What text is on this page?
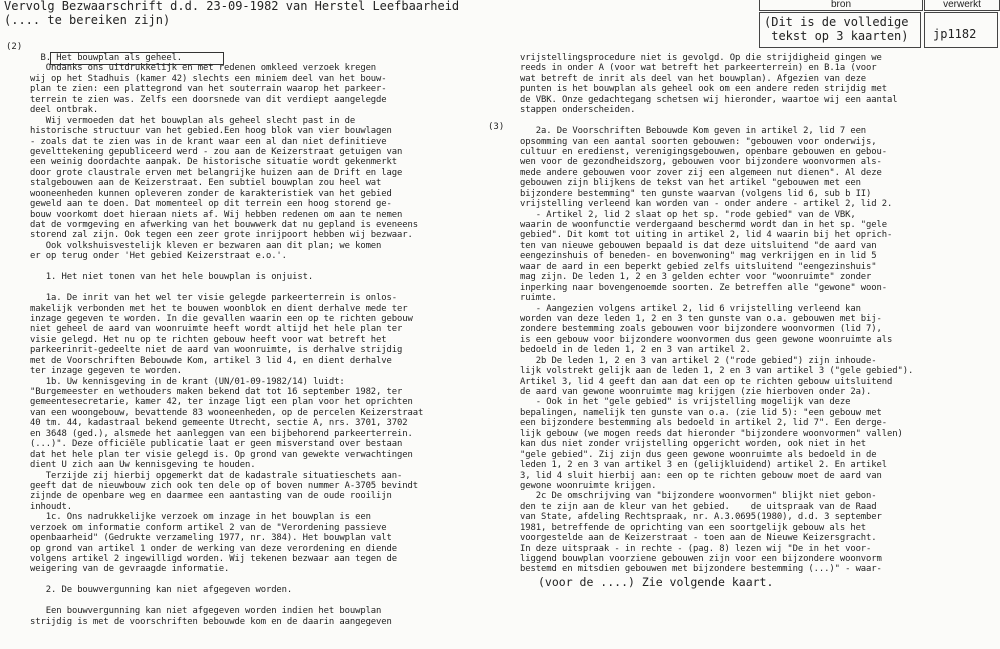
Vervolg Bezwaarschrift d.d. 23-09-1982 van Herstel Leefbaarheid
(.... te bereiken zijn)
bron	verwerkt
(Dit is de volledige
tekst op 3 kaarten)	jp1182
(2)
(3)
B. Het bouwplan als geheel.
Ondanks ons uitdrukkelijk en met redenen omkleed verzoek kregen
wij op het Stadhuis (kamer 42) slechts een miniem deel van het bouw-
plan te zien: een plattegrond van het souterrain waarop het parkeer-
terrein te zien was. Zelfs een doorsnede van dit verdiept aangelegde
deel ontbrak.
Wij vermoeden dat het bouwplan als geheel slecht past in de
historische structuur van het gebied.Een hoog blok van vier bouwlagen
- zoals dat te zien was in de krant waar een al dan niet definitieve
gevelttekening gepubliceerd werd - zou aan de Keizerstraat getuigen van
een weinig doordachte aanpak. De historische situatie wordt gekenmerkt
door grote claustrale erven met belangrijke huizen aan de Drift en lage
stalgebouwen aan de Keizerstraat. Een subtiel bouwplan zou heel wat
wooneenheden kunnen opleveren zonder de karakteristiek van het gebied
geweld aan te doen. Dat momenteel op dit terrein een hoog storend ge-
bouw voorkomt doet hieraan niets af. Wij hebben redenen om aan te nemen
dat de vormgeving en afwerking van het bouwwerk dat nu gepland is eveneens
storend zal zijn. Ook tegen een zeer grote inrijpoort hebben wij bezwaar.
Ook volkshuisvestelijk kleven er bezwaren aan dit plan; we komen
er op terug onder 'Het gebied Keizerstraat e.o.'.

1. Het niet tonen van het hele bouwplan is onjuist.

1a. De inrit van het wel ter visie gelegde parkeerterrein is onlos-
makelijk verbonden met het te bouwen woonblok en dient derhalve mede ter
inzage gegeven te worden. In die gevallen waarin een op te richten gebouw
niet geheel de aard van woonruimte heeft wordt altijd het hele plan ter
visie gelegd. Het nu op te richten gebouw heeft voor wat betreft het
parkeerinrit-gedeelte niet de aard van woonruimte, is derhalve strijdig
met de Voorschriften Bebouwde Kom, artikel 3 lid 4, en dient derhalve
ter inzage gegeven te worden.
1b. Uw kennisgeving in de krant (UN/01-09-1982/14) luidt:
"Burgemeester en wethouders maken bekend dat tot 16 september 1982, ter
gemeentesecretarie, kamer 42, ter inzage ligt een plan voor het oprichten
van een woongebouw, bevattende 83 wooneenheden, op de percelen Keizerstraat
40 tm. 44, kadastraal bekend gemeente Utrecht, sectie A, nrs. 3701, 3702
en 3648 (ged.), alsmede het aanleggen van een bijbehorend parkeerterrein.
(...)". Deze officiële publicatie laat er geen misverstand over bestaan
dat het hele plan ter visie gelegd is. Op grond van gewekte verwachtingen
dient U zich aan Uw kennisgeving te houden.
Terzijde zij hierbij opgemerkt dat de kadastrale situatieschets aan-
geeft dat de nieuwbouw zich ook ten dele op of boven nummer A-3705 bevindt
zijnde de openbare weg en daarmee een aantasting van de oude rooilijn
inhoudt.
1c. Ons nadrukkelijke verzoek om inzage in het bouwplan is een
verzoek om informatie conform artikel 2 van de "Verordening passieve
openbaarheid" (Gedrukte verzameling 1977, nr. 384). Het bouwplan valt
op grond van artikel 1 onder de werking van deze verordening en diende
volgens artikel 2 ingewilligd worden. Wij tekenen bezwaar aan tegen de
weigering van de gevraagde informatie.

2. De bouwvergunning kan niet afgegeven worden.

Een bouwvergunning kan niet afgegeven worden indien het bouwplan
strijdig is met de voorschriften bebouwde kom en de daarin aangegeven
vrijstellingsprocedure niet is gevolgd. Op die strijdigheid gingen we
reeds in onder A (voor wat betreft het parkeerterrein) en B.1a (voor
wat betreft de inrit als deel van het bouwplan). Afgezien van deze
punten is het bouwplan als geheel ook om een andere reden strijdig met
de VBK. Onze gedachtegang schetsen wij hieronder, waartoe wij een aantal
stappen onderscheiden.

2a. De Voorschriften Bebouwde Kom geven in artikel 2, lid 7 een
opsomming van een aantal soorten gebouwen: "gebouwen voor onderwijs,
cultuur en eredienst, verenigingsgebouwen, openbare gebouwen en gebou-
wen voor de gezondheidszorg, gebouwen voor bijzondere woonvormen als-
mede andere gebouwen voor zover zij een algemeen nut dienen". Al deze
gebouwen zijn blijkens de tekst van het artikel "gebouwen met een
bijzondere bestemming" ten gunste waarvan (volgens lid 6, sub b II)
vrijstelling verleend kan worden van - onder andere - artikel 2, lid 2.
- Artikel 2, lid 2 slaat op het sp. "rode gebied" van de VBK,
waarin de woonfunctie verdergaand beschermd wordt dan in het sp. "gele
gebied". Dit komt tot uiting in artikel 2, lid 4 waarin bij het oprich-
ten van nieuwe gebouwen bepaald is dat deze uitsluitend "de aard van
eengezinshuis of beneden- en bovenwoning" mag verkrijgen en in lid 5
waar de aard in een beperkt gebied zelfs uitsluitend "eengezinshuis"
mag zijn. De leden 1, 2 en 3 gelden echter voor "woonruimte" zonder
inperking naar bovengenoemde soorten. Ze betreffen alle "gewone" woon-
ruimte.
- Aangezien volgens artikel 2, lid 6 vrijstelling verleend kan
worden van deze leden 1, 2 en 3 ten gunste van o.a. gebouwen met bij-
zondere bestemming zoals gebouwen voor bijzondere woonvormen (lid 7),
is een gebouw voor bijzondere woonvormen dus geen gewone woonruimte als
bedoeld in de leden 1, 2 en 3 van artikel 2.
2b De leden 1, 2 en 3 van artikel 2 ("rode gebied") zijn inhoude-
lijk volstrekt gelijk aan de leden 1, 2 en 3 van artikel 3 ("gele gebied").
Artikel 3, lid 4 geeft dan aan dat een op te richten gebouw uitsluitend
de aard van gewone woonruimte mag krijgen (zie hierboven onder 2a).
- Ook in het "gele gebied" is vrijstelling mogelijk van deze
bepalingen, namelijk ten gunste van o.a. (zie lid 5): "een gebouw met
een bijzondere bestemming als bedoeld in artikel 2, lid 7". Een derge-
lijk gebouw (we mogen reeds dat hieronder "bijzondere woonvormen" vallen)
kan dus niet zonder vrijstelling opgericht worden, ook niet in het
"gele gebied". Zij zijn dus geen gewone woonruimte als bedoeld in de
leden 1, 2 en 3 van artikel 3 en (gelijkluidend) artikel 2. En artikel
3, lid 4 sluit hierbij aan: een op te richten gebouw moet de aard van
gewone woonruimte krijgen.
2c De omschrijving van "bijzondere woonvormen" blijkt niet gebon-
den te zijn aan de kleur van het gebied.    de uitspraak van de Raad
van State, afdeling Rechtspraak, nr. A.3.0695(1980), d.d. 3 september
1981, betreffende de oprichting van een soortgelijk gebouw als het
voorgestelde aan de Keizerstraat - toen aan de Nieuwe Keizersgracht.
In deze uitspraak - in rechte - (pag. 8) lezen wij "De in het voor-
liggend bouwplan voorziene gebouwen zijn voor een bijzondere woonvorm
bestemd en mitsdien gebouwen met bijzondere bestemming (...)" - waar-
(voor de ....) Zie volgende kaart.
